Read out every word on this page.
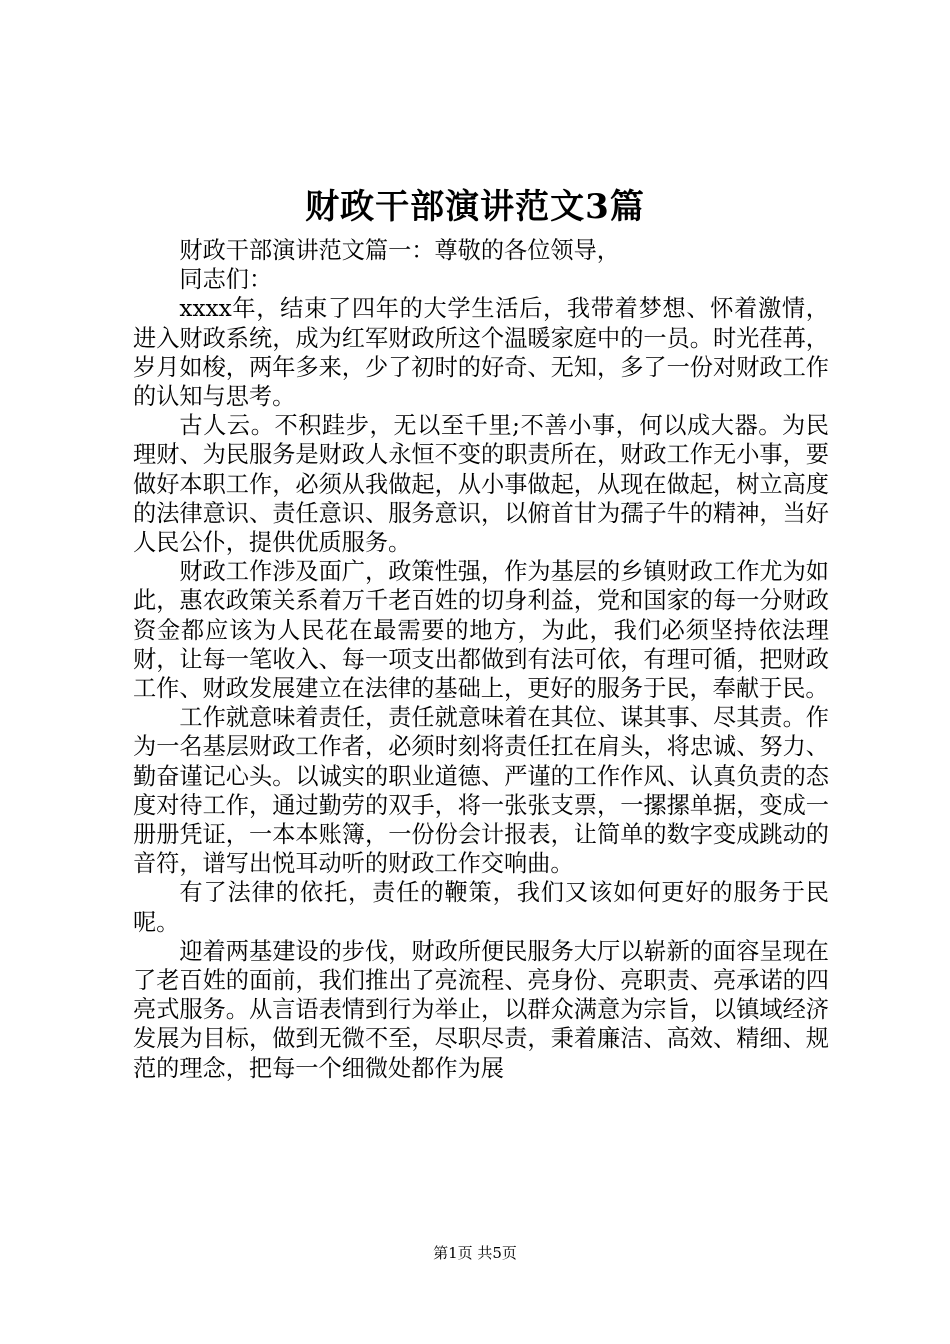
财政干部演讲范文3篇

财政干部演讲范文篇一：尊敬的各位领导，

同志们：

xxxx年，结束了四年的大学生活后，我带着梦想、怀着激情，进入财政系统，成为红军财政所这个温暖家庭中的一员。时光荏苒，岁月如梭，两年多来，少了初时的好奇、无知，多了一份对财政工作的认知与思考。

古人云。不积跬步，无以至千里;不善小事，何以成大器。为民理财、为民服务是财政人永恒不变的职责所在，财政工作无小事，要做好本职工作，必须从我做起，从小事做起，从现在做起，树立高度的法律意识、责任意识、服务意识，以俯首甘为孺子牛的精神，当好人民公仆，提供优质服务。

财政工作涉及面广，政策性强，作为基层的乡镇财政工作尤为如此，惠农政策关系着万千老百姓的切身利益，党和国家的每一分财政资金都应该为人民花在最需要的地方，为此，我们必须坚持依法理财，让每一笔收入、每一项支出都做到有法可依，有理可循，把财政工作、财政发展建立在法律的基础上，更好的服务于民，奉献于民。

工作就意味着责任，责任就意味着在其位、谋其事、尽其责。作为一名基层财政工作者，必须时刻将责任扛在肩头，将忠诚、努力、勤奋谨记心头。以诚实的职业道德、严谨的工作作风、认真负责的态度对待工作，通过勤劳的双手，将一张张支票，一摞摞单据，变成一册册凭证，一本本账簿，一份份会计报表，让简单的数字变成跳动的音符，谱写出悦耳动听的财政工作交响曲。

有了法律的依托，责任的鞭策，我们又该如何更好的服务于民呢。

迎着两基建设的步伐，财政所便民服务大厅以崭新的面容呈现在了老百姓的面前，我们推出了亮流程、亮身份、亮职责、亮承诺的四亮式服务。从言语表情到行为举止，以群众满意为宗旨，以镇域经济发展为目标，做到无微不至，尽职尽责，秉着廉洁、高效、精细、规范的理念，把每一个细微处都作为展

第1页 共5页
